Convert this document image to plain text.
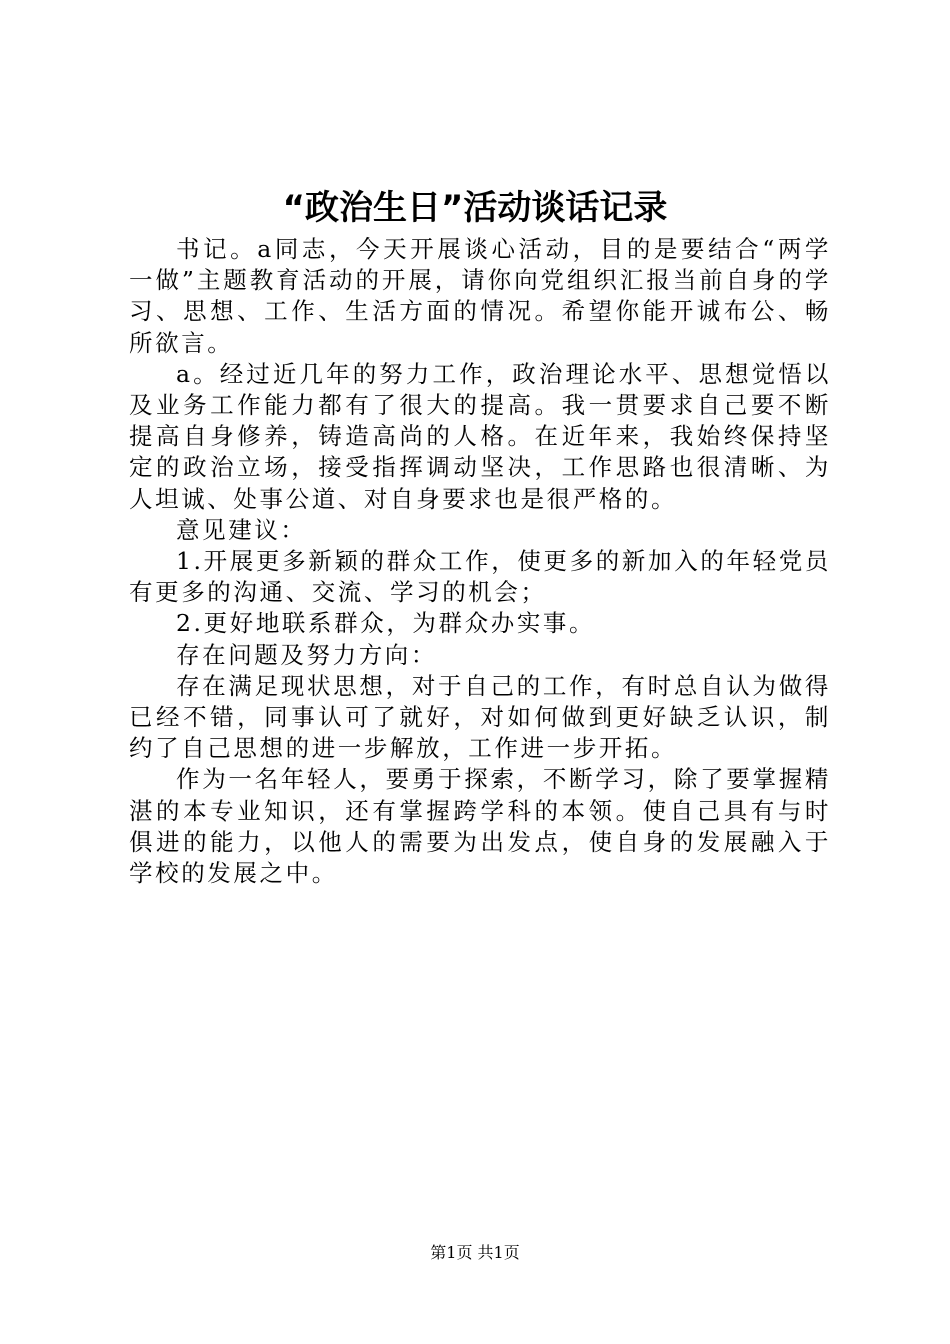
“政治生日”活动谈话记录

书记。a同志，今天开展谈心活动，目的是要结合“两学一做”主题教育活动的开展，请你向党组织汇报当前自身的学习、思想、工作、生活方面的情况。希望你能开诚布公、畅所欲言。

a。经过近几年的努力工作，政治理论水平、思想觉悟以及业务工作能力都有了很大的提高。我一贯要求自己要不断提高自身修养，铸造高尚的人格。在近年来，我始终保持坚定的政治立场，接受指挥调动坚决，工作思路也很清晰、为人坦诚、处事公道、对自身要求也是很严格的。

意见建议：

1.开展更多新颖的群众工作，使更多的新加入的年轻党员有更多的沟通、交流、学习的机会；

2.更好地联系群众，为群众办实事。

存在问题及努力方向：

存在满足现状思想，对于自己的工作，有时总自认为做得已经不错，同事认可了就好，对如何做到更好缺乏认识，制约了自己思想的进一步解放，工作进一步开拓。

作为一名年轻人，要勇于探索，不断学习，除了要掌握精湛的本专业知识，还有掌握跨学科的本领。使自己具有与时俱进的能力，以他人的需要为出发点，使自身的发展融入于学校的发展之中。

第1页 共1页
